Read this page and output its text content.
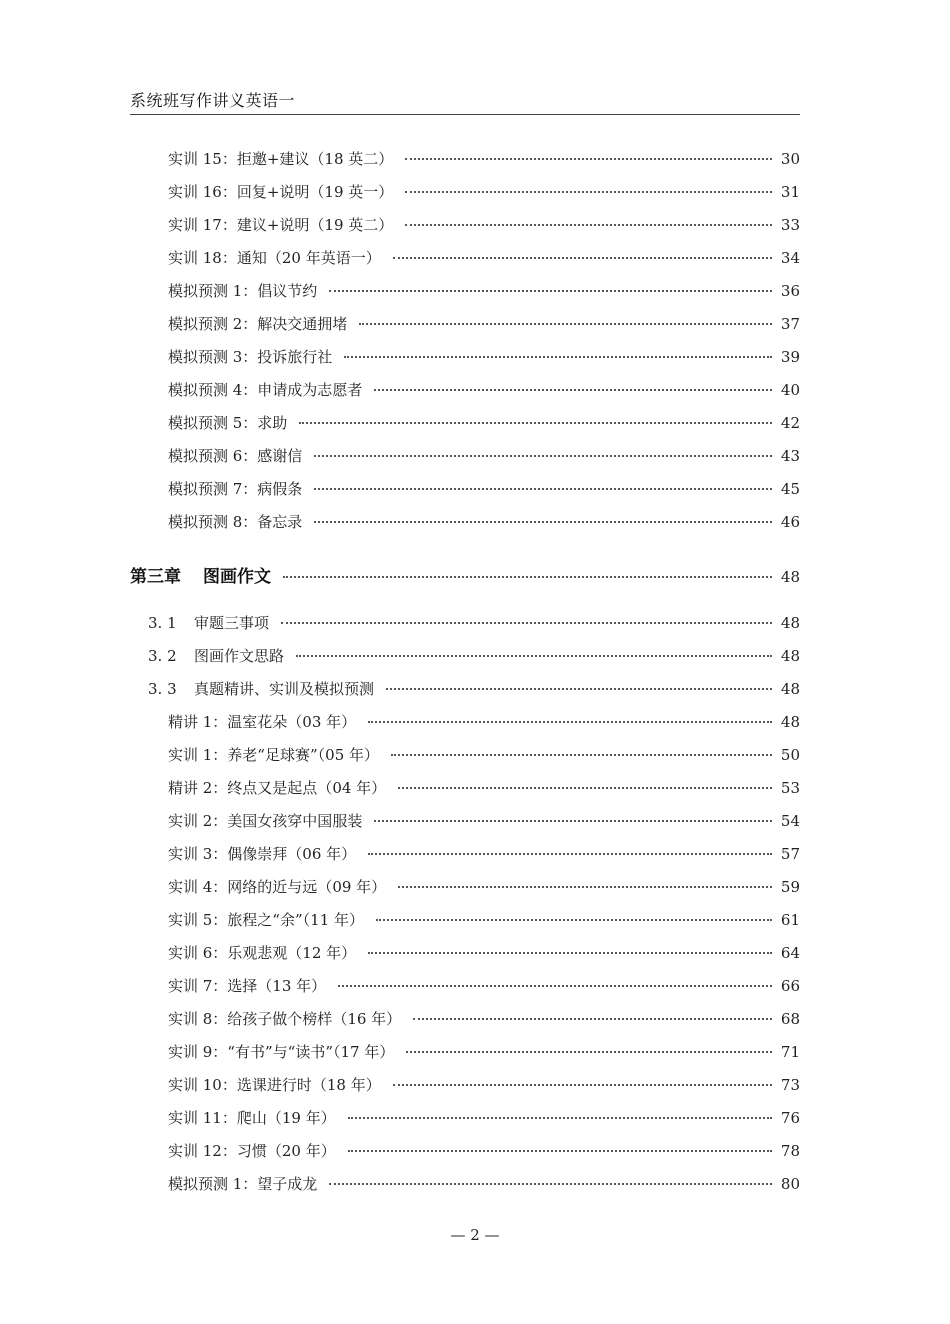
系统班写作讲义英语一
实训 15：拒邀+建议（18 英二）	30
实训 16：回复+说明（19 英一）	31
实训 17：建议+说明（19 英二）	33
实训 18：通知（20 年英语一）	34
模拟预测 1：倡议节约	36
模拟预测 2：解决交通拥堵	37
模拟预测 3：投诉旅行社	39
模拟预测 4：申请成为志愿者	40
模拟预测 5：求助	42
模拟预测 6：感谢信	43
模拟预测 7：病假条	45
模拟预测 8：备忘录	46
第三章 图画作文	48
3. 1 审题三事项	48
3. 2 图画作文思路	48
3. 3 真题精讲、实训及模拟预测	48
精讲 1：温室花朵（03 年）	48
实训 1：养老“足球赛”（05 年）	50
精讲 2：终点又是起点（04 年）	53
实训 2：美国女孩穿中国服装	54
实训 3：偶像崇拜（06 年）	57
实训 4：网络的近与远（09 年）	59
实训 5：旅程之“余”（11 年）	61
实训 6：乐观悲观（12 年）	64
实训 7：选择（13 年）	66
实训 8：给孩子做个榜样（16 年）	68
实训 9：“有书”与“读书”（17 年）	71
实训 10：选课进行时（18 年）	73
实训 11：爬山（19 年）	76
实训 12：习惯（20 年）	78
模拟预测 1：望子成龙	80
— 2 —
